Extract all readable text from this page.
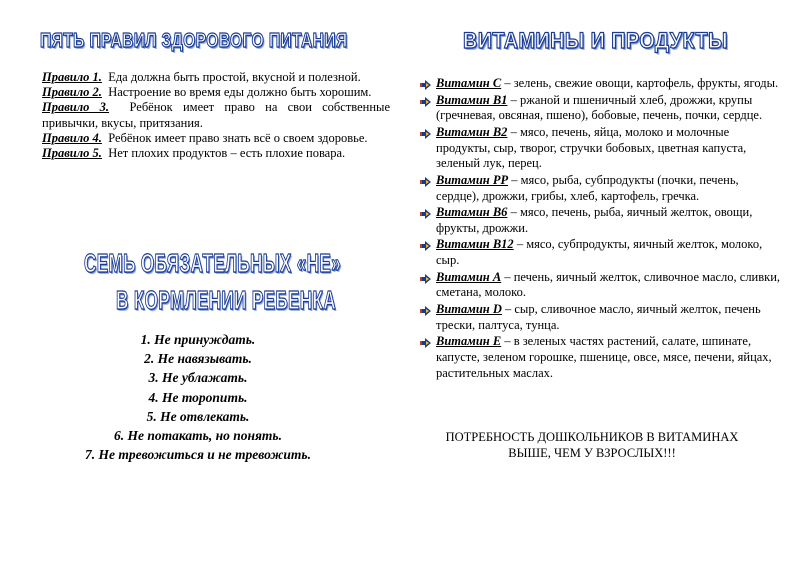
ПЯТЬ ПРАВИЛ ЗДОРОВОГО ПИТАНИЯ

Правило 1. Еда должна быть простой, вкусной и полезной.

Правило 2. Настроение во время еды должно быть хорошим.

Правило 3. Ребёнок имеет право на свои собственные привычки, вкусы, притязания.

Правило 4. Ребёнок имеет право знать всё о своем здоровье.

Правило 5. Нет плохих продуктов – есть плохие повара.

СЕМЬ ОБЯЗАТЕЛЬНЫХ «НЕ»
В КОРМЛЕНИИ РЕБЕНКА

1. Не принуждать.

2. Не навязывать.

3. Не ублажать.

4. Не торопить.

5. Не отвлекать.

6. Не потакать, но понять.

7. Не тревожиться и не тревожить.

ВИТАМИНЫ И ПРОДУКТЫ
Витамин С – зелень, свежие овощи, картофель, фрукты, ягоды.
Витамин В1 – ржаной и пшеничный хлеб, дрожжи, крупы (гречневая, овсяная, пшено), бобовые, печень, почки, сердце.
Витамин В2 – мясо, печень, яйца, молоко и молочные продукты, сыр, творог, стручки бобовых, цветная капуста, зеленый лук, перец.
Витамин РР – мясо, рыба, субпродукты (почки, печень, сердце), дрожжи, грибы, хлеб, картофель, гречка.
Витамин В6 – мясо, печень, рыба, яичный желток, овощи, фрукты, дрожжи.
Витамин В12 – мясо, субпродукты, яичный желток, молоко, сыр.
Витамин А – печень, яичный желток, сливочное масло, сливки, сметана, молоко.
Витамин D – сыр, сливочное масло, яичный желток, печень трески, палтуса, тунца.
Витамин Е – в зеленых частях растений, салате, шпинате, капусте, зеленом горошке, пшенице, овсе, мясе, печени, яйцах, растительных маслах.

ПОТРЕБНОСТЬ ДОШКОЛЬНИКОВ В ВИТАМИНАХ

ВЫШЕ, ЧЕМ У ВЗРОСЛЫХ!!!
